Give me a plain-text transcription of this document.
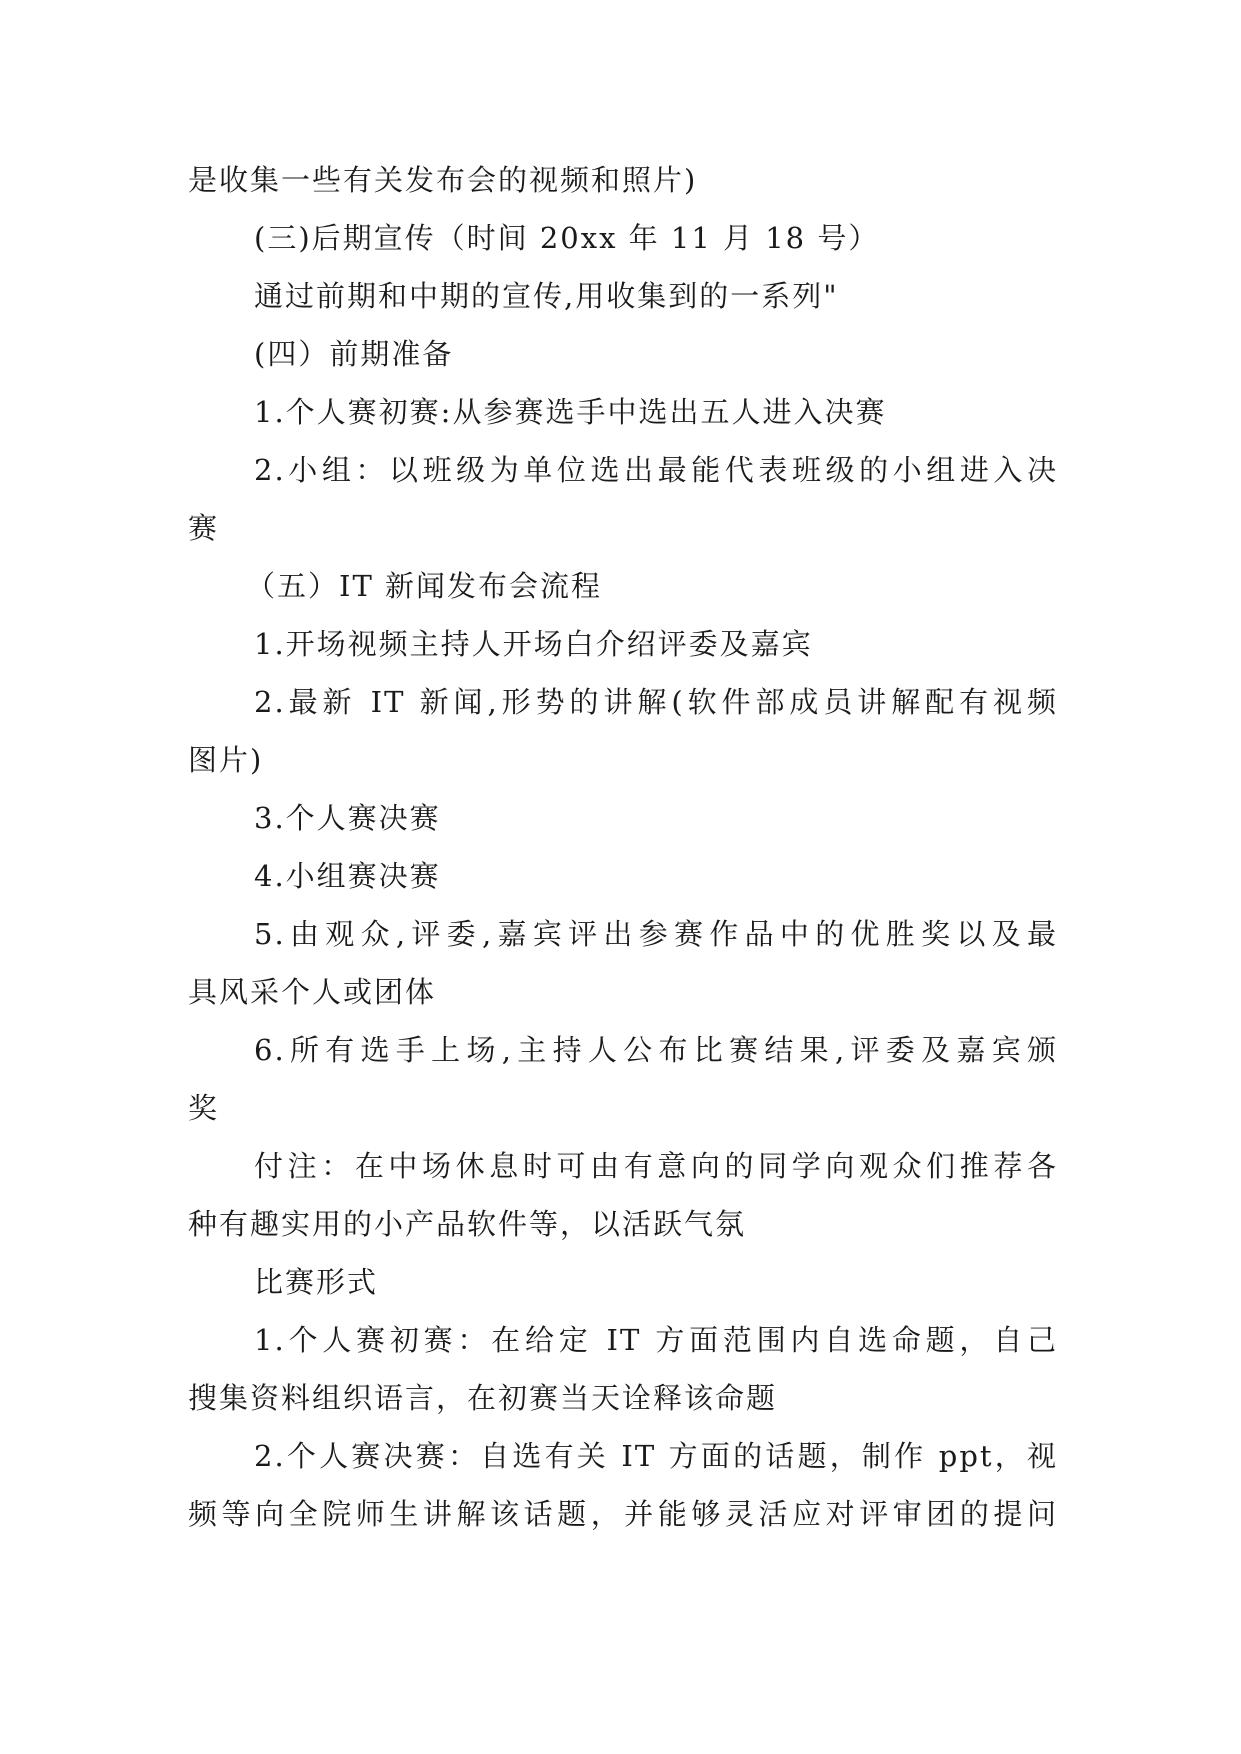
是收集一些有关发布会的视频和照片)
(三)后期宣传（时间 20xx 年 11 月 18 号）
通过前期和中期的宣传,用收集到的一系列"
(四）前期准备
1.个人赛初赛:从参赛选手中选出五人进入决赛
2.小组：以班级为单位选出最能代表班级的小组进入决
赛
（五）IT 新闻发布会流程
1.开场视频主持人开场白介绍评委及嘉宾
2.最新 IT 新闻,形势的讲解(软件部成员讲解配有视频
图片)
3.个人赛决赛
4.小组赛决赛
5.由观众,评委,嘉宾评出参赛作品中的优胜奖以及最
具风采个人或团体
6.所有选手上场,主持人公布比赛结果,评委及嘉宾颁
奖
付注：在中场休息时可由有意向的同学向观众们推荐各
种有趣实用的小产品软件等，以活跃气氛
比赛形式
1.个人赛初赛：在给定 IT 方面范围内自选命题，自己
搜集资料组织语言，在初赛当天诠释该命题
2.个人赛决赛：自选有关 IT 方面的话题，制作 ppt，视
频等向全院师生讲解该话题，并能够灵活应对评审团的提问
